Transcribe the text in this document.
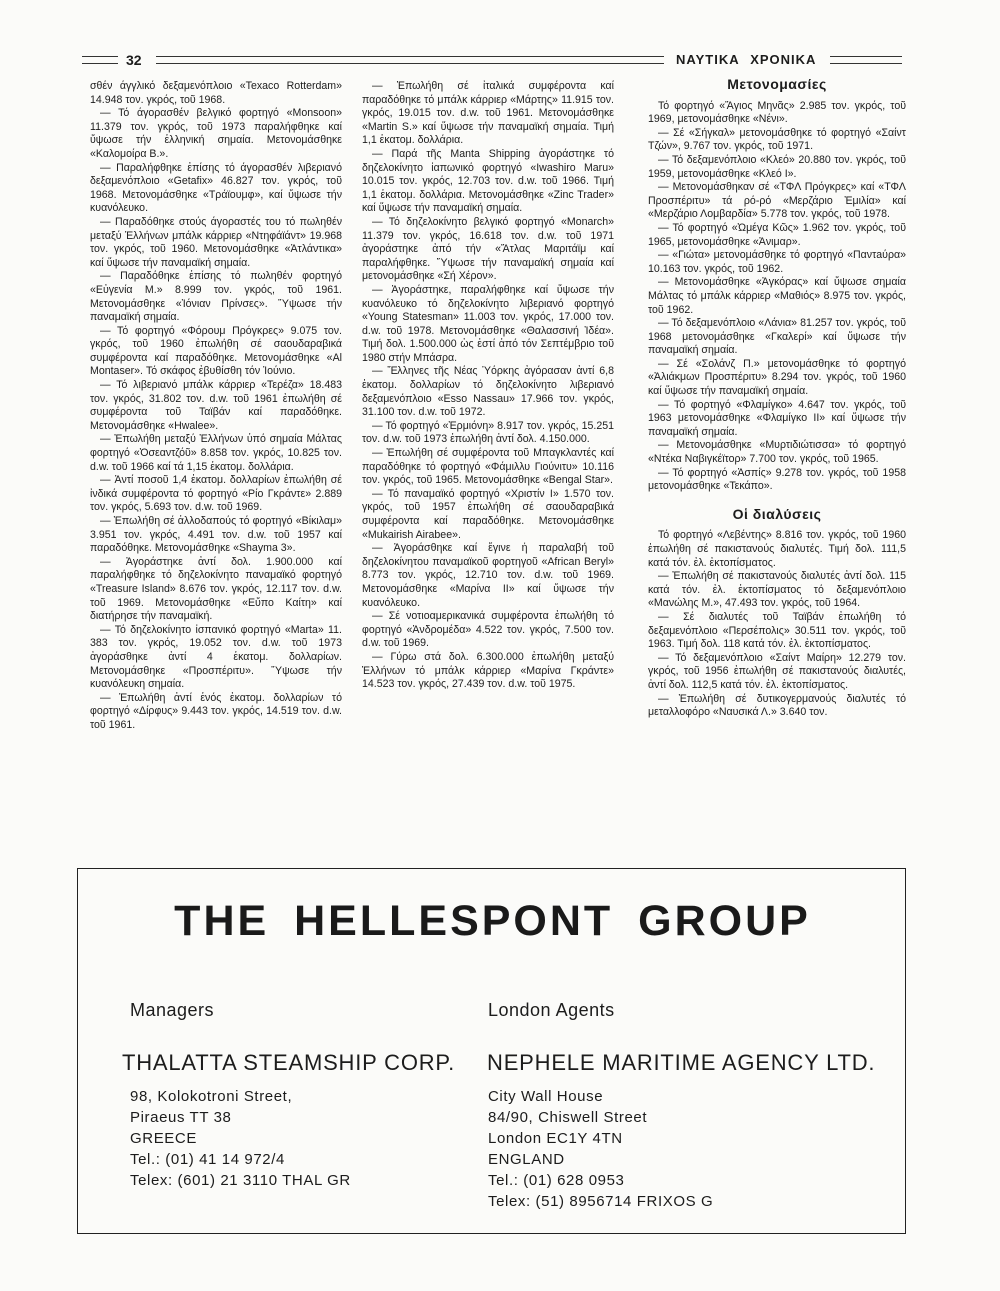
32	ΝΑΥΤΙΚΑ ΧΡΟΝΙΚΑ

σθέν άγγλικό δεξαμενόπλοιο «Texaco Rotterdam» 14.948 τον. γκρός, τοῦ 1968.

— Τό άγορασθέν βελγικό φορτηγό «Monsoon» 11.379 τον. γκρός, τοῦ 1973 παραλήφθηκε καί ὕψωσε τήν ἑλληνική σημαία. Μετονομάσθηκε «Καλομοίρα Β.».

— Παραλήφθηκε ἐπίσης τό άγορασθέν λιβεριανό δεξαμενόπλοιο «Getafix» 46.827 τον. γκρός, τοῦ 1968. Μετονομάσθηκε «Τράϊουμφ», καί ὕψωσε τήν κυανόλευκο.

— Παραδόθηκε στούς άγοραστές του τό πωληθέν μεταξύ Ἑλλήνων μπάλκ κάρριερ «Ντηφάϊάντ» 19.968 τον. γκρός, τοῦ 1960. Μετονομάσθηκε «Ἀτλάντικα» καί ὕψωσε τήν παναμαϊκή σημαία.

— Παραδόθηκε ἐπίσης τό πωληθέν φορτηγό «Εὐγενία Μ.» 8.999 τον. γκρός, τοῦ 1961. Μετονομάσθηκε «Ἰόνιαν Πρίνσες». Ὕψωσε τήν παναμαϊκή σημαία.

— Τό φορτηγό «Φόρουμ Πρόγκρες» 9.075 τον. γκρός, τοῦ 1960 ἐπωλήθη σέ σαουδαραβικά συμφέροντα καί παραδόθηκε. Μετονομάσθηκε «Al Montaser». Τό σκάφος ἐβυθίσθη τόν Ἰούνιο.

— Τό λιβεριανό μπάλκ κάρριερ «Τερέζα» 18.483 τον. γκρός, 31.802 τον. d.w. τοῦ 1961 ἐπωλήθη σέ συμφέροντα τοῦ Ταϊβάν καί παραδόθηκε. Μετονομάσθηκε «Hwalee».

— Ἐπωλήθη μεταξύ Ἑλλήνων ὑπό σημαία Μάλτας φορτηγό «Ὀσεαντζόῦ» 8.858 τον. γκρός, 10.825 τον. d.w. τοῦ 1966 καί τά 1,15 ἑκατομ. δολλάρια.

— Ἀντί ποσοῦ 1,4 ἑκατομ. δολλαρίων ἐπωλήθη σέ ἰνδικά συμφέροντα τό φορτηγό «Ρίο Γκράντε» 2.889 τον. γκρός, 5.693 τον. d.w. τοῦ 1969.

— Ἐπωλήθη σέ ἀλλοδαπούς τό φορτηγό «Βίκιλαμ» 3.951 τον. γκρός, 4.491 τον. d.w. τοῦ 1957 καί παραδόθηκε. Μετονομάσθηκε «Shayma 3».

— Ἀγοράστηκε ἀντί δολ. 1.900.000 καί παραλήφθηκε τό δηζελοκίνητο παναμαϊκό φορτηγό «Treasure Island» 8.676 τον. γκρός, 12.117 τον. d.w. τοῦ 1969. Μετονομάσθηκε «Εὔπο Καίτη» καί διατήρησε τήν παναμαϊκή.

— Τό δηζελοκίνητο ἰσπανικό φορτηγό «Marta» 11. 383 τον. γκρός, 19.052 τον. d.w. τοῦ 1973 ἀγοράσθηκε ἀντί 4 ἑκατομ. δολλαρίων. Μετονομάσθηκε «Προσπέριτυ». Ὕψωσε τήν κυανόλευκη σημαία.

— Ἐπωλήθη ἀντί ἑνός ἑκατομ. δολλαρίων τό φορτηγό «Δίρφυς» 9.443 τον. γκρός, 14.519 τον. d.w. τοῦ 1961.

— Ἐπωλήθη σέ ἰταλικά συμφέροντα καί παραδόθηκε τό μπάλκ κάρριερ «Μάρτης» 11.915 τον. γκρός, 19.015 τον. d.w. τοῦ 1961. Μετονομάσθηκε «Martin S.» καί ὕψωσε τήν παναμαϊκή σημαία. Τιμή 1,1 ἑκατομ. δολλάρια.

— Παρά τῆς Manta Shipping ἀγοράστηκε τό δηζελοκίνητο ἰαπωνικό φορτηγό «Iwashiro Maru» 10.015 τον. γκρός, 12.703 τον. d.w. τοῦ 1966. Τιμή 1,1 ἑκατομ. δολλάρια. Μετονομάσθηκε «Zinc Trader» καί ὕψωσε τήν παναμαϊκή σημαία.

— Τό δηζελοκίνητο βελγικό φορτηγό «Monarch» 11.379 τον. γκρός, 16.618 τον. d.w. τοῦ 1971 ἀγοράστηκε ἀπό τήν «Ἄτλας Μαριτάϊμ καί παραλήφθηκε. Ὕψωσε τήν παναμαϊκή σημαία καί μετονομάσθηκε «Σή Χέρον».

— Ἀγοράστηκε, παραλήφθηκε καί ὕψωσε τήν κυανόλευκο τό δηζελοκίνητο λιβεριανό φορτηγό «Young Statesman» 11.003 τον. γκρός, 17.000 τον. d.w. τοῦ 1978. Μετονομάσθηκε «Θαλασσινή Ἰδέα». Τιμή δολ. 1.500.000 ὡς ἐστί ἀπό τόν Σεπτέμβριο τοῦ 1980 στήν Μπάσρα.

— Ἕλληνες τῆς Νέας Ὑόρκης ἀγόρασαν ἀντί 6,8 ἑκατομ. δολλαρίων τό δηζελοκίνητο λιβεριανό δεξαμενόπλοιο «Esso Nassau» 17.966 τον. γκρός, 31.100 τον. d.w. τοῦ 1972.

— Τό φορτηγό «Ἐρμιόνη» 8.917 τον. γκρός, 15.251 τον. d.w. τοῦ 1973 ἐπωλήθη ἀντί δολ. 4.150.000.

— Ἐπωλήθη σέ συμφέροντα τοῦ Μπαγκλαντές καί παραδόθηκε τό φορτηγό «Φάμιλλυ Γιούνιτυ» 10.116 τον. γκρός, τοῦ 1965. Μετονομάσθηκε «Bengal Star».

— Τό παναμαϊκό φορτηγό «Χριστίν Ι» 1.570 τον. γκρός, τοῦ 1957 ἐπωλήθη σέ σαουδαραβικά συμφέροντα καί παραδόθηκε. Μετονομάσθηκε «Mukairish Airabee».

— Ἀγοράσθηκε καί ἔγινε ἡ παραλαβή τοῦ δηζελοκίνητου παναμαϊκοῦ φορτηγοῦ «African Beryl» 8.773 τον. γκρός, 12.710 τον. d.w. τοῦ 1969. Μετονομάσθηκε «Μαρίνα ΙΙ» καί ὕψωσε τήν κυανόλευκο.

— Σέ νοτιοαμερικανικά συμφέροντα ἐπωλήθη τό φορτηγό «Ἀνδρομέδα» 4.522 τον. γκρός, 7.500 τον. d.w. τοῦ 1969.

— Γύρω στά δολ. 6.300.000 ἐπωλήθη μεταξύ Ἑλλήνων τό μπάλκ κάρριερ «Μαρίνα Γκράντε» 14.523 τον. γκρός, 27.439 τον. d.w. τοῦ 1975.

Μετονομασίες

Τό φορτηγό «Ἅγιος Μηνᾶς» 2.985 τον. γκρός, τοῦ 1969, μετονομάσθηκε «Νένι».

— Σέ «Σήγκαλ» μετονομάσθηκε τό φορτηγό «Σαίντ Τζών», 9.767 τον. γκρός, τοῦ 1971.

— Τό δεξαμενόπλοιο «Κλεό» 20.880 τον. γκρός, τοῦ 1959, μετονομάσθηκε «Κλεό Ι».

— Μετονομάσθηκαν σέ «ΤΦΛ Πρόγκρες» καί «ΤΦΛ Προσπέριτυ» τά ρό-ρό «Μερζάριο Ἐμιλία» καί «Μερζάριο Λομβαρδία» 5.778 τον. γκρός, τοῦ 1978.

— Τό φορτηγό «Ὠμέγα Κῶς» 1.962 τον. γκρός, τοῦ 1965, μετονομάσθηκε «Ἀνιμαρ».

— «Γιώτα» μετονομάσθηκε τό φορτηγό «Παντaύρα» 10.163 τον. γκρός, τοῦ 1962.

— Μετονομάσθηκε «Ἀγκόρας» καί ὕψωσε σημαία Μάλτας τό μπάλκ κάρριερ «Μαθιός» 8.975 τον. γκρός, τοῦ 1962.

— Τό δεξαμενόπλοιο «Λάνια» 81.257 τον. γκρός, τοῦ 1968 μετονομάσθηκε «Γκαλερί» καί ὕψωσε τήν παναμαϊκή σημαία.

— Σέ «Σολάνζ Π.» μετονομάσθηκε τό φορτηγό «Ἀλιάκμων Προσπέριτυ» 8.294 τον. γκρός, τοῦ 1960 καί ὕψωσε τήν παναμαϊκή σημαία.

— Τό φορτηγό «Φλαμίγκο» 4.647 τον. γκρός, τοῦ 1963 μετονομάσθηκε «Φλαμίγκο ΙΙ» καί ὕψωσε τήν παναμαϊκή σημαία.

— Μετονομάσθηκε «Μυρτιδιώτισσα» τό φορτηγό «Ντέκα Ναβιγκέϊτορ» 7.700 τον. γκρός, τοῦ 1965.

— Τό φορτηγό «Ἀσπίς» 9.278 τον. γκρός, τοῦ 1958 μετονομάσθηκε «Τεκάπο».

Οἱ διαλύσεις

Τό φορτηγό «Λεβέντης» 8.816 τον. γκρός, τοῦ 1960 ἐπωλήθη σέ πακιστανούς διαλυτές. Τιμή δολ. 111,5 κατά τόν. ἐλ. ἐκτοπίσματος.

— Ἐπωλήθη σέ πακιστανούς διαλυτές ἀντί δολ. 115 κατά τόν. ἐλ. ἐκτοπίσματος τό δεξαμενόπλοιο «Μανώλης Μ.», 47.493 τον. γκρός, τοῦ 1964.

— Σέ διαλυτές τοῦ Ταϊβάν ἐπωλήθη τό δεξαμενόπλοιο «Περσέπολις» 30.511 τον. γκρός, τοῦ 1963. Τιμή δολ. 118 κατά τόν. ἐλ. ἐκτοπίσματος.

— Τό δεξαμενόπλοιο «Σαίντ Μαίρη» 12.279 τον. γκρός, τοῦ 1956 ἐπωλήθη σέ πακιστανούς διαλυτές, ἀντί δολ. 112,5 κατά τόν. ἐλ. ἐκτοπίσματος.

— Ἐπωλήθη σέ δυτικογερμανούς διαλυτές τό μεταλλοφόρο «Ναυσικά Λ.» 3.640 τον.

THE HELLESPONT GROUP
Managers	London Agents
THALATTA STEAMSHIP CORP. NEPHELE MARITIME AGENCY LTD.
98, Kolokotroni Street,
Piraeus TT 38
GREECE
Tel.: (01) 41 14 972/4
Telex: (601) 21 3110 THAL GR
City Wall House
84/90, Chiswell Street
London EC1Y 4TN
ENGLAND
Tel.: (01) 628 0953
Telex: (51) 8956714 FRIXOS G
